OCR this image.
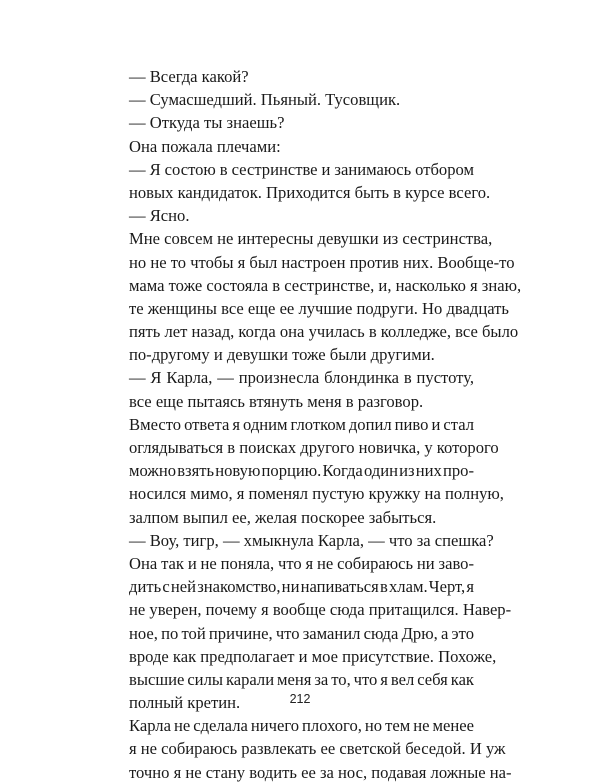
— Всегда какой?
— Сумасшедший. Пьяный. Тусовщик.
— Откуда ты знаешь?
Она пожала плечами:
— Я состою в сестринстве и занимаюсь отбором
новых кандидаток. Приходится быть в курсе всего.
— Ясно.
Мне совсем не интересны девушки из сестринства,
но не то чтобы я был настроен против них. Вообще-то
мама тоже состояла в сестринстве, и, насколько я знаю,
те женщины все еще ее лучшие подруги. Но двадцать
пять лет назад, когда она училась в колледже, все было
по-другому и девушки тоже были другими.
— Я Карла, — произнесла блондинка в пустоту,
все еще пытаясь втянуть меня в разговор.
Вместо ответа я одним глотком допил пиво и стал
оглядываться в поисках другого новичка, у которого
можно взять новую порцию. Когда один из них про-
носился мимо, я поменял пустую кружку на полную,
залпом выпил ее, желая поскорее забыться.
— Воу, тигр, — хмыкнула Карла, — что за спешка?
Она так и не поняла, что я не собираюсь ни заво-
дить с ней знакомство, ни напиваться в хлам. Черт, я
не уверен, почему я вообще сюда притащился. Навер-
ное, по той причине, что заманил сюда Дрю, а это
вроде как предполагает и мое присутствие. Похоже,
высшие силы карали меня за то, что я вел себя как
полный кретин.
Карла не сделала ничего плохого, но тем не менее
я не собираюсь развлекать ее светской беседой. И уж
точно я не стану водить ее за нос, подавая ложные на-
212
